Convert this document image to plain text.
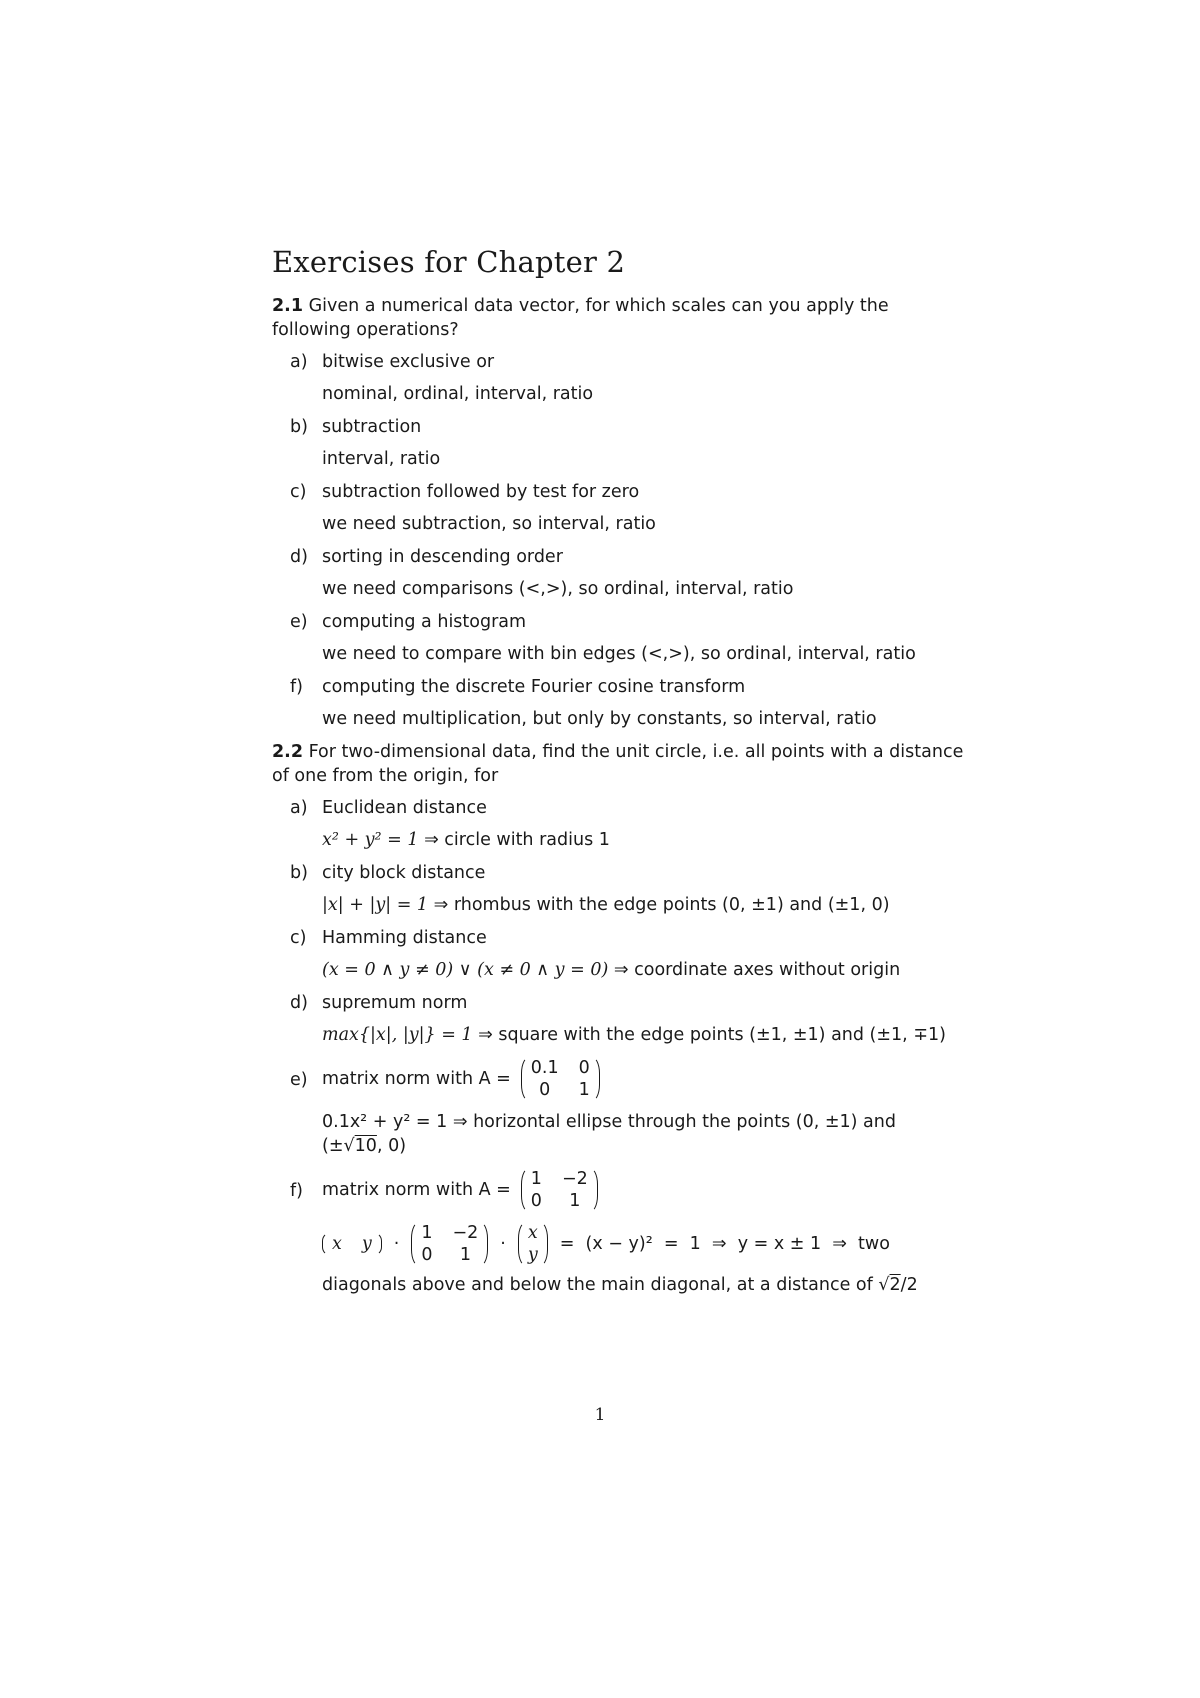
Exercises for Chapter 2

2.1 Given a numerical data vector, for which scales can you apply the following operations?

a) bitwise exclusive or

nominal, ordinal, interval, ratio

b) subtraction

interval, ratio

c) subtraction followed by test for zero

we need subtraction, so interval, ratio

d) sorting in descending order

we need comparisons (<,>), so ordinal, interval, ratio

e) computing a histogram

we need to compare with bin edges (<,>), so ordinal, interval, ratio

f) computing the discrete Fourier cosine transform

we need multiplication, but only by constants, so interval, ratio

2.2 For two-dimensional data, find the unit circle, i.e. all points with a distance of one from the origin, for

a) Euclidean distance

x² + y² = 1 ⇒ circle with radius 1

b) city block distance

|x| + |y| = 1 ⇒ rhombus with the edge points (0, ±1) and (±1, 0)

c) Hamming distance

(x = 0 ∧ y ≠ 0) ∨ (x ≠ 0 ∧ y = 0) ⇒ coordinate axes without origin

d) supremum norm

max{|x|, |y|} = 1 ⇒ square with the edge points (±1, ±1) and (±1, ∓1)

e) matrix norm with A =
0.1 0
0	1

0.1x² + y² = 1 ⇒ horizontal ellipse through the points (0, ±1) and
(±√10, 0)

f) matrix norm with A =
1 −2
0	1
x y ·
1 −2
0	1
·
x
y
=  (x − y)²  =  1  ⇒  y = x ± 1  ⇒  two

diagonals above and below the main diagonal, at a distance of √2/2

1
